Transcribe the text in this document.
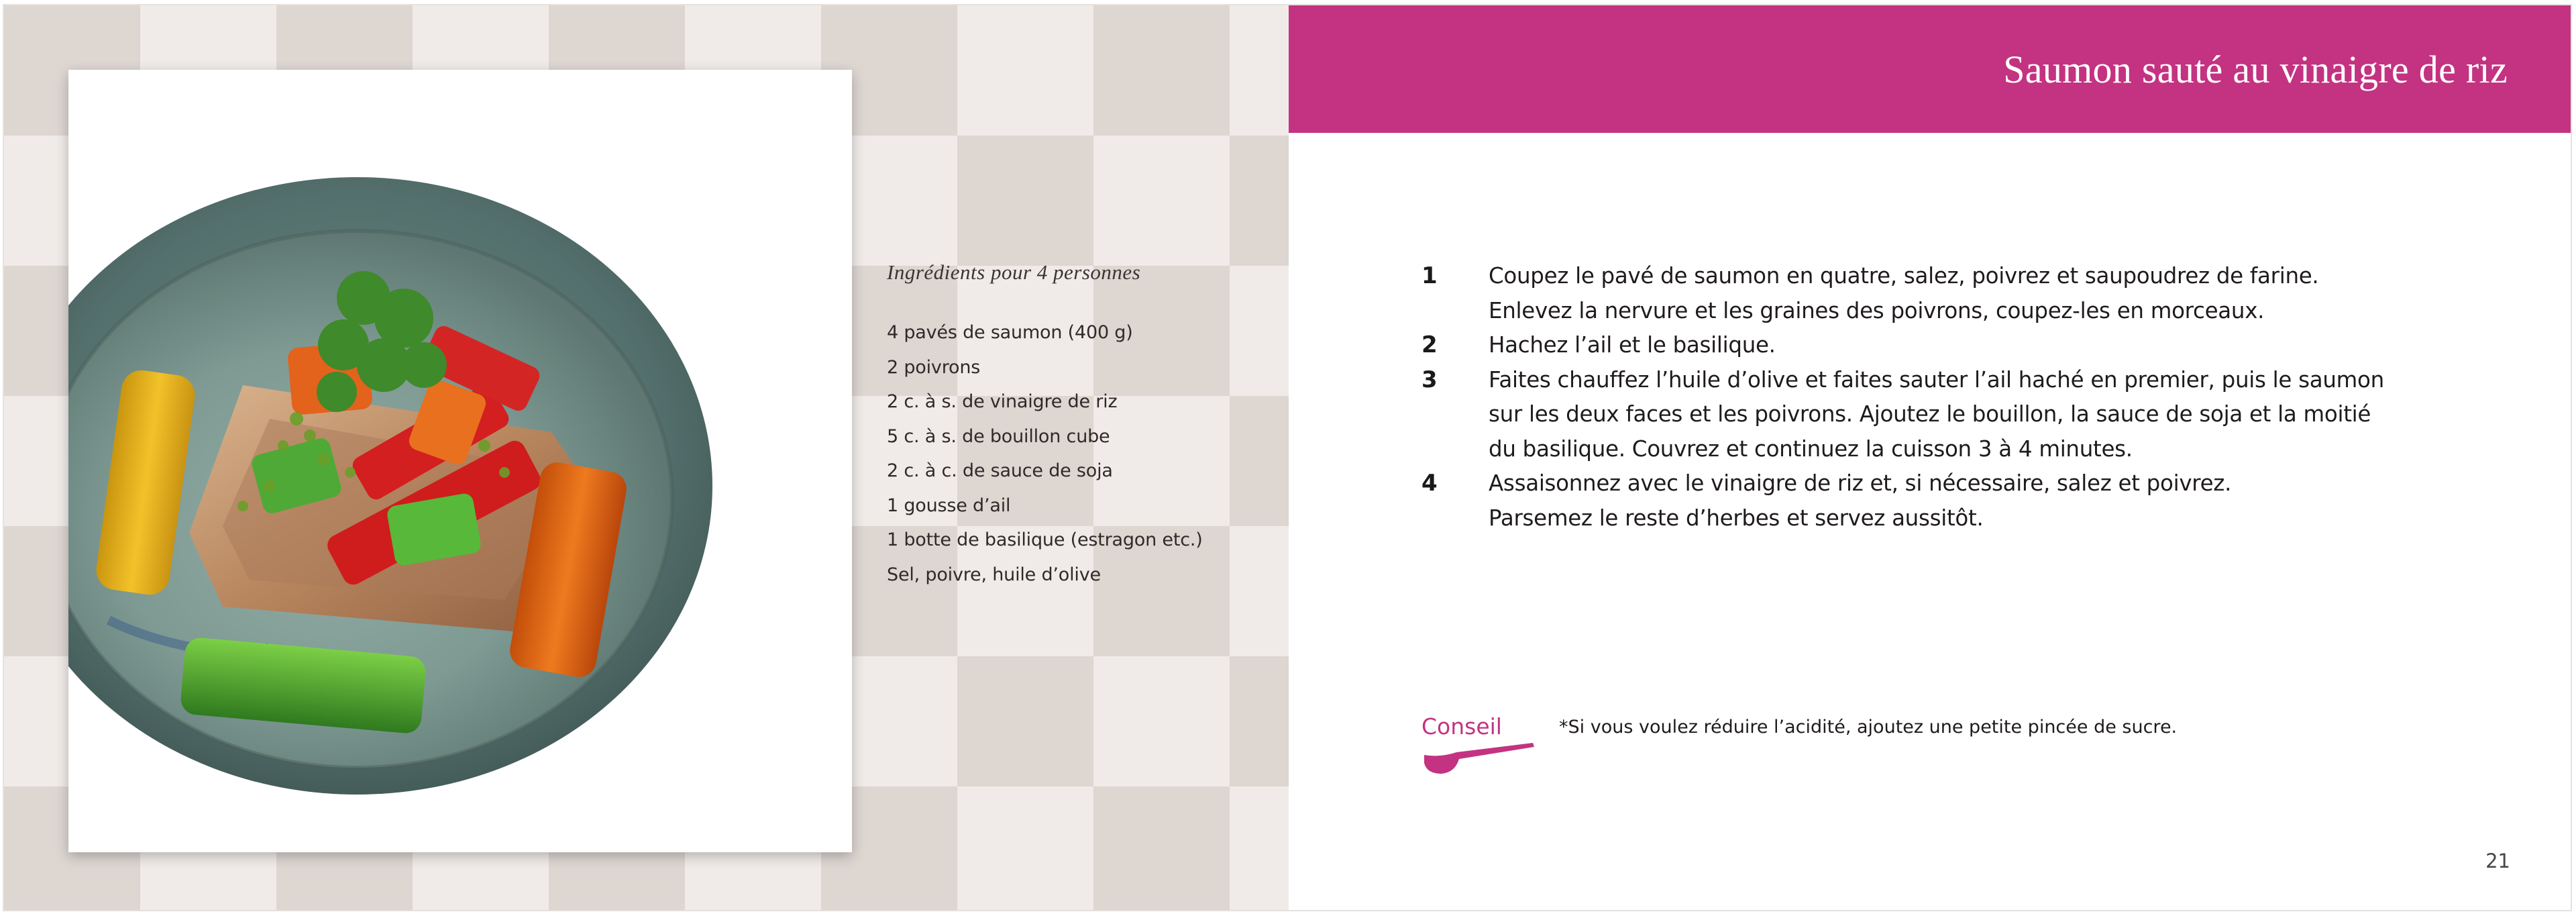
Ingrédients pour 4 personnes
4 pavés de saumon (400 g)
2 poivrons
2 c. à s. de vinaigre de riz
5 c. à s. de bouillon cube
2 c. à c. de sauce de soja
1 gousse d’ail
1 botte de basilique (estragon etc.)
Sel, poivre, huile d’olive
Saumon sauté au vinaigre de riz
1	Coupez le pavé de saumon en quatre, salez, poivrez et saupoudrez de farine.
Enlevez la nervure et les graines des poivrons, coupez-les en morceaux.
2	Hachez l’ail et le basilique.
3	Faites chauffez l’huile d’olive et faites sauter l’ail haché en premier, puis le saumon
sur les deux faces et les poivrons. Ajoutez le bouillon, la sauce de soja et la moitié
du basilique. Couvrez et continuez la cuisson 3 à 4 minutes.
4	Assaisonnez avec le vinaigre de riz et, si nécessaire, salez et poivrez.
Parsemez le reste d’herbes et servez aussitôt.
Conseil	*Si vous voulez réduire l’acidité, ajoutez une petite pincée de sucre.
21
